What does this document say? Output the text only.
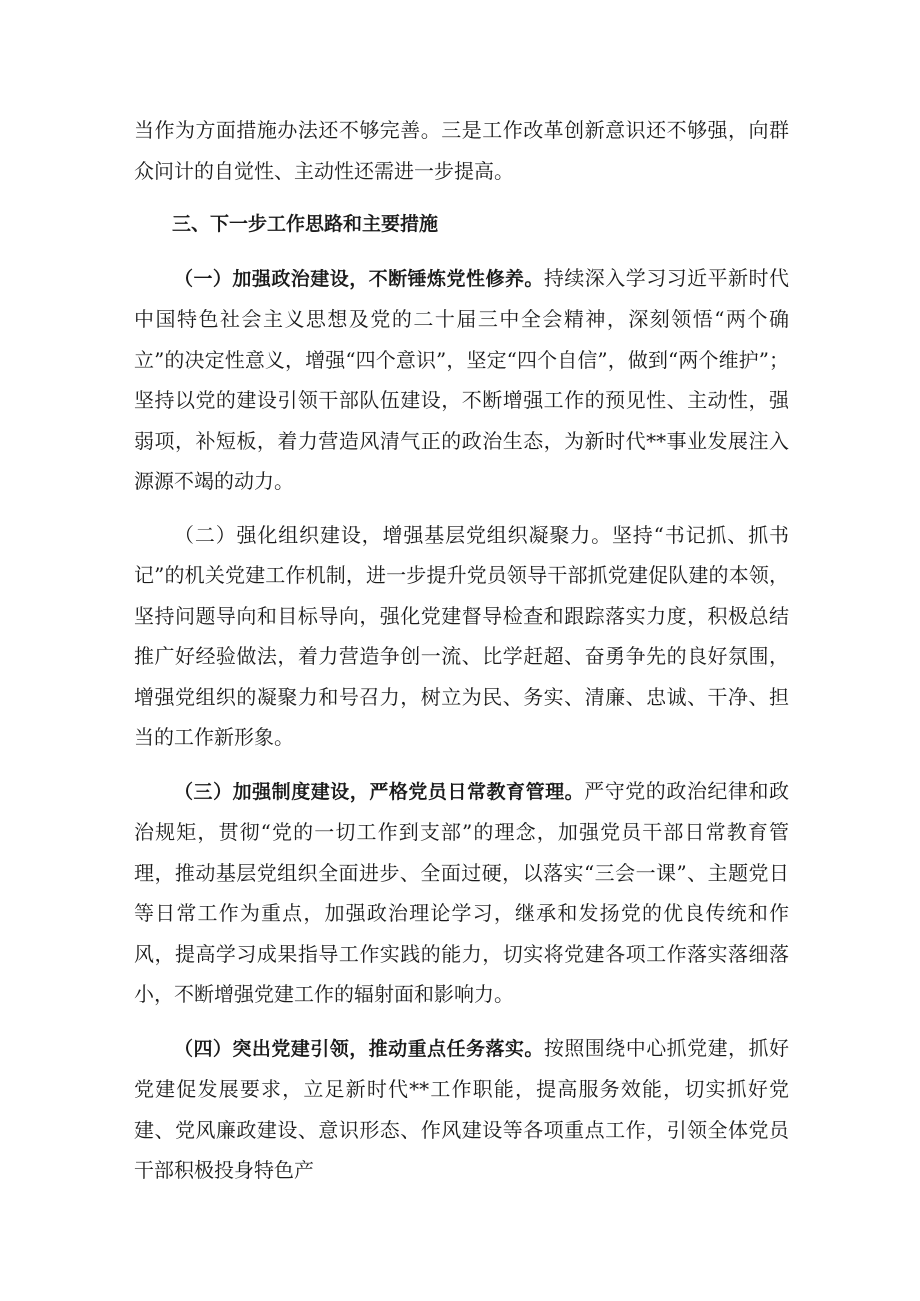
当作为方面措施办法还不够完善。三是工作改革创新意识还不够强，向群众问计的自觉性、主动性还需进一步提高。

三、下一步工作思路和主要措施

（一）加强政治建设，不断锤炼党性修养。持续深入学习习近平新时代中国特色社会主义思想及党的二十届三中全会精神，深刻领悟“两个确立”的决定性意义，增强“四个意识”，坚定“四个自信”，做到“两个维护”；坚持以党的建设引领干部队伍建设，不断增强工作的预见性、主动性，强弱项，补短板，着力营造风清气正的政治生态，为新时代**事业发展注入源源不竭的动力。

（二）强化组织建设，增强基层党组织凝聚力。坚持“书记抓、抓书记”的机关党建工作机制，进一步提升党员领导干部抓党建促队建的本领，坚持问题导向和目标导向，强化党建督导检查和跟踪落实力度，积极总结推广好经验做法，着力营造争创一流、比学赶超、奋勇争先的良好氛围，增强党组织的凝聚力和号召力，树立为民、务实、清廉、忠诚、干净、担当的工作新形象。

（三）加强制度建设，严格党员日常教育管理。严守党的政治纪律和政治规矩，贯彻“党的一切工作到支部”的理念，加强党员干部日常教育管理，推动基层党组织全面进步、全面过硬，以落实“三会一课”、主题党日等日常工作为重点，加强政治理论学习，继承和发扬党的优良传统和作风，提高学习成果指导工作实践的能力，切实将党建各项工作落实落细落小，不断增强党建工作的辐射面和影响力。

（四）突出党建引领，推动重点任务落实。按照围绕中心抓党建，抓好党建促发展要求，立足新时代**工作职能，提高服务效能，切实抓好党建、党风廉政建设、意识形态、作风建设等各项重点工作，引领全体党员干部积极投身特色产
